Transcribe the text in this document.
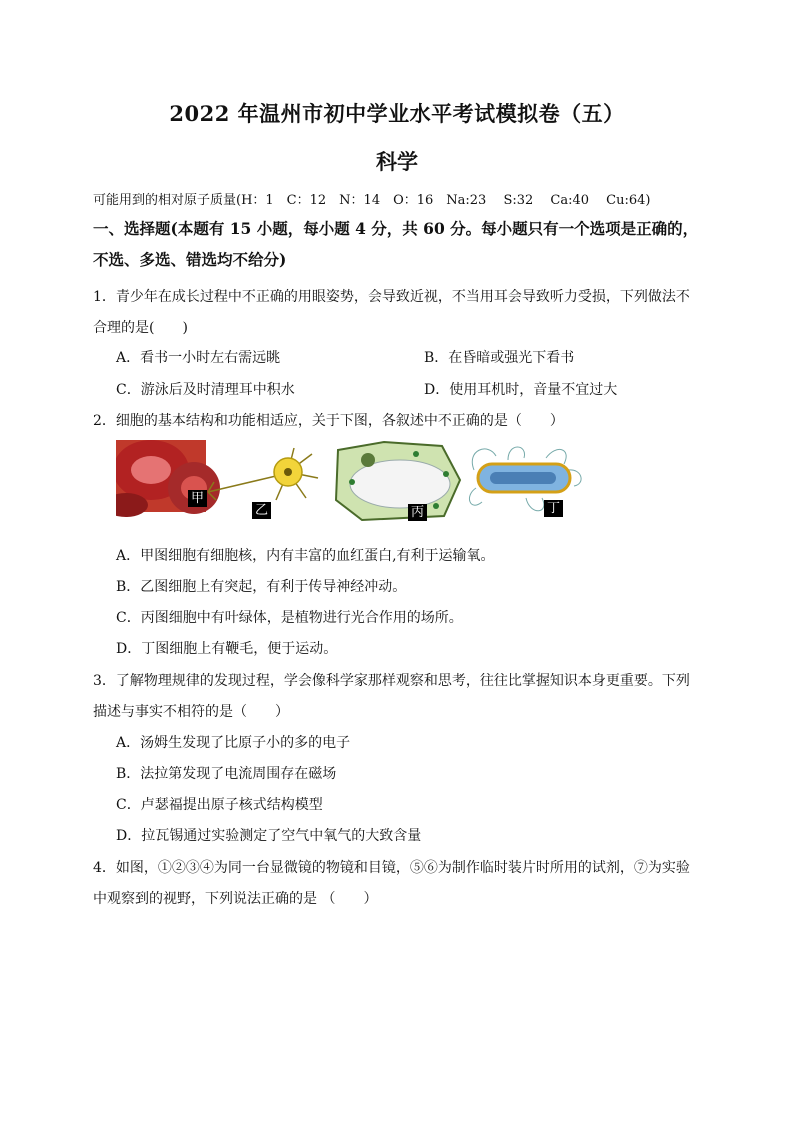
2022 年温州市初中学业水平考试模拟卷（五）
科学
可能用到的相对原子质量(H：1　C：12　N：14　O：16　Na:23　 S:32　 Ca:40　 Cu:64)
一、选择题(本题有 15 小题，每小题 4 分，共 60 分。每小题只有一个选项是正确的，
不选、多选、错选均不给分)
1．青少年在成长过程中不正确的用眼姿势，会导致近视，不当用耳会导致听力受损，下列做法不
合理的是(　　)
A．看书一小时左右需远眺	B．在昏暗或强光下看书
C．游泳后及时清理耳中积水	D．使用耳机时，音量不宜过大
2．细胞的基本结构和功能相适应，关于下图，各叙述中不正确的是（　　）
甲
乙	丙	丁
A．甲图细胞有细胞核，内有丰富的血红蛋白,有利于运输氧。
B．乙图细胞上有突起，有利于传导神经冲动。
C．丙图细胞中有叶绿体，是植物进行光合作用的场所。
D．丁图细胞上有鞭毛，便于运动。
3．了解物理规律的发现过程，学会像科学家那样观察和思考，往往比掌握知识本身更重要。下列
描述与事实不相符的是（　　）
A．汤姆生发现了比原子小的多的电子
B．法拉第发现了电流周围存在磁场
C．卢瑟福提出原子核式结构模型
D．拉瓦锡通过实验测定了空气中氧气的大致含量
4．如图，①②③④为同一台显微镜的物镜和目镜，⑤⑥为制作临时装片时所用的试剂，⑦为实验
中观察到的视野，下列说法正确的是 （　　）
